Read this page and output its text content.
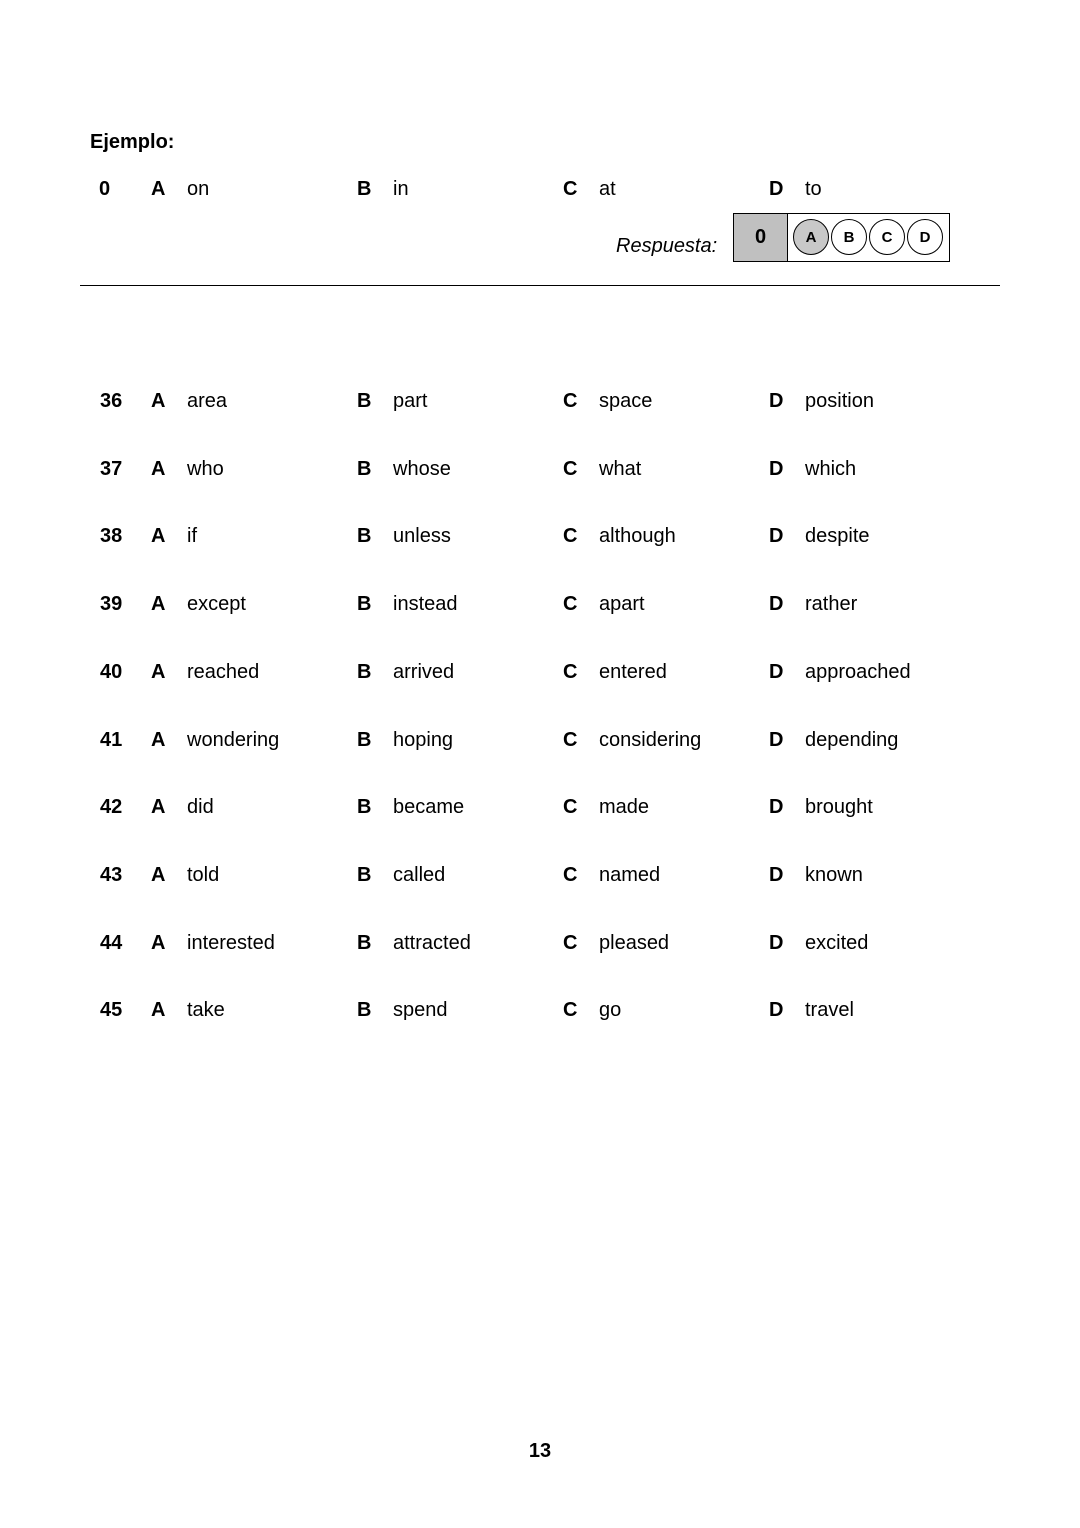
Ejemplo:
0 A on	B in	C at	D to
Respuesta:	0	A	B	C	D
36 A area	B part	C space	D position
37 A who	B whose	C what	D which
38 A if	B unless	C although	D despite
39 A except	B instead	C apart	D rather
40 A reached	B arrived	C entered	D approached
41 A wondering	B hoping	C considering	D depending
42 A did	B became	C made	D brought
43 A told	B called	C named	D known
44 A interested	B attracted	C pleased	D excited
45 A take	B spend	C go	D travel
13
